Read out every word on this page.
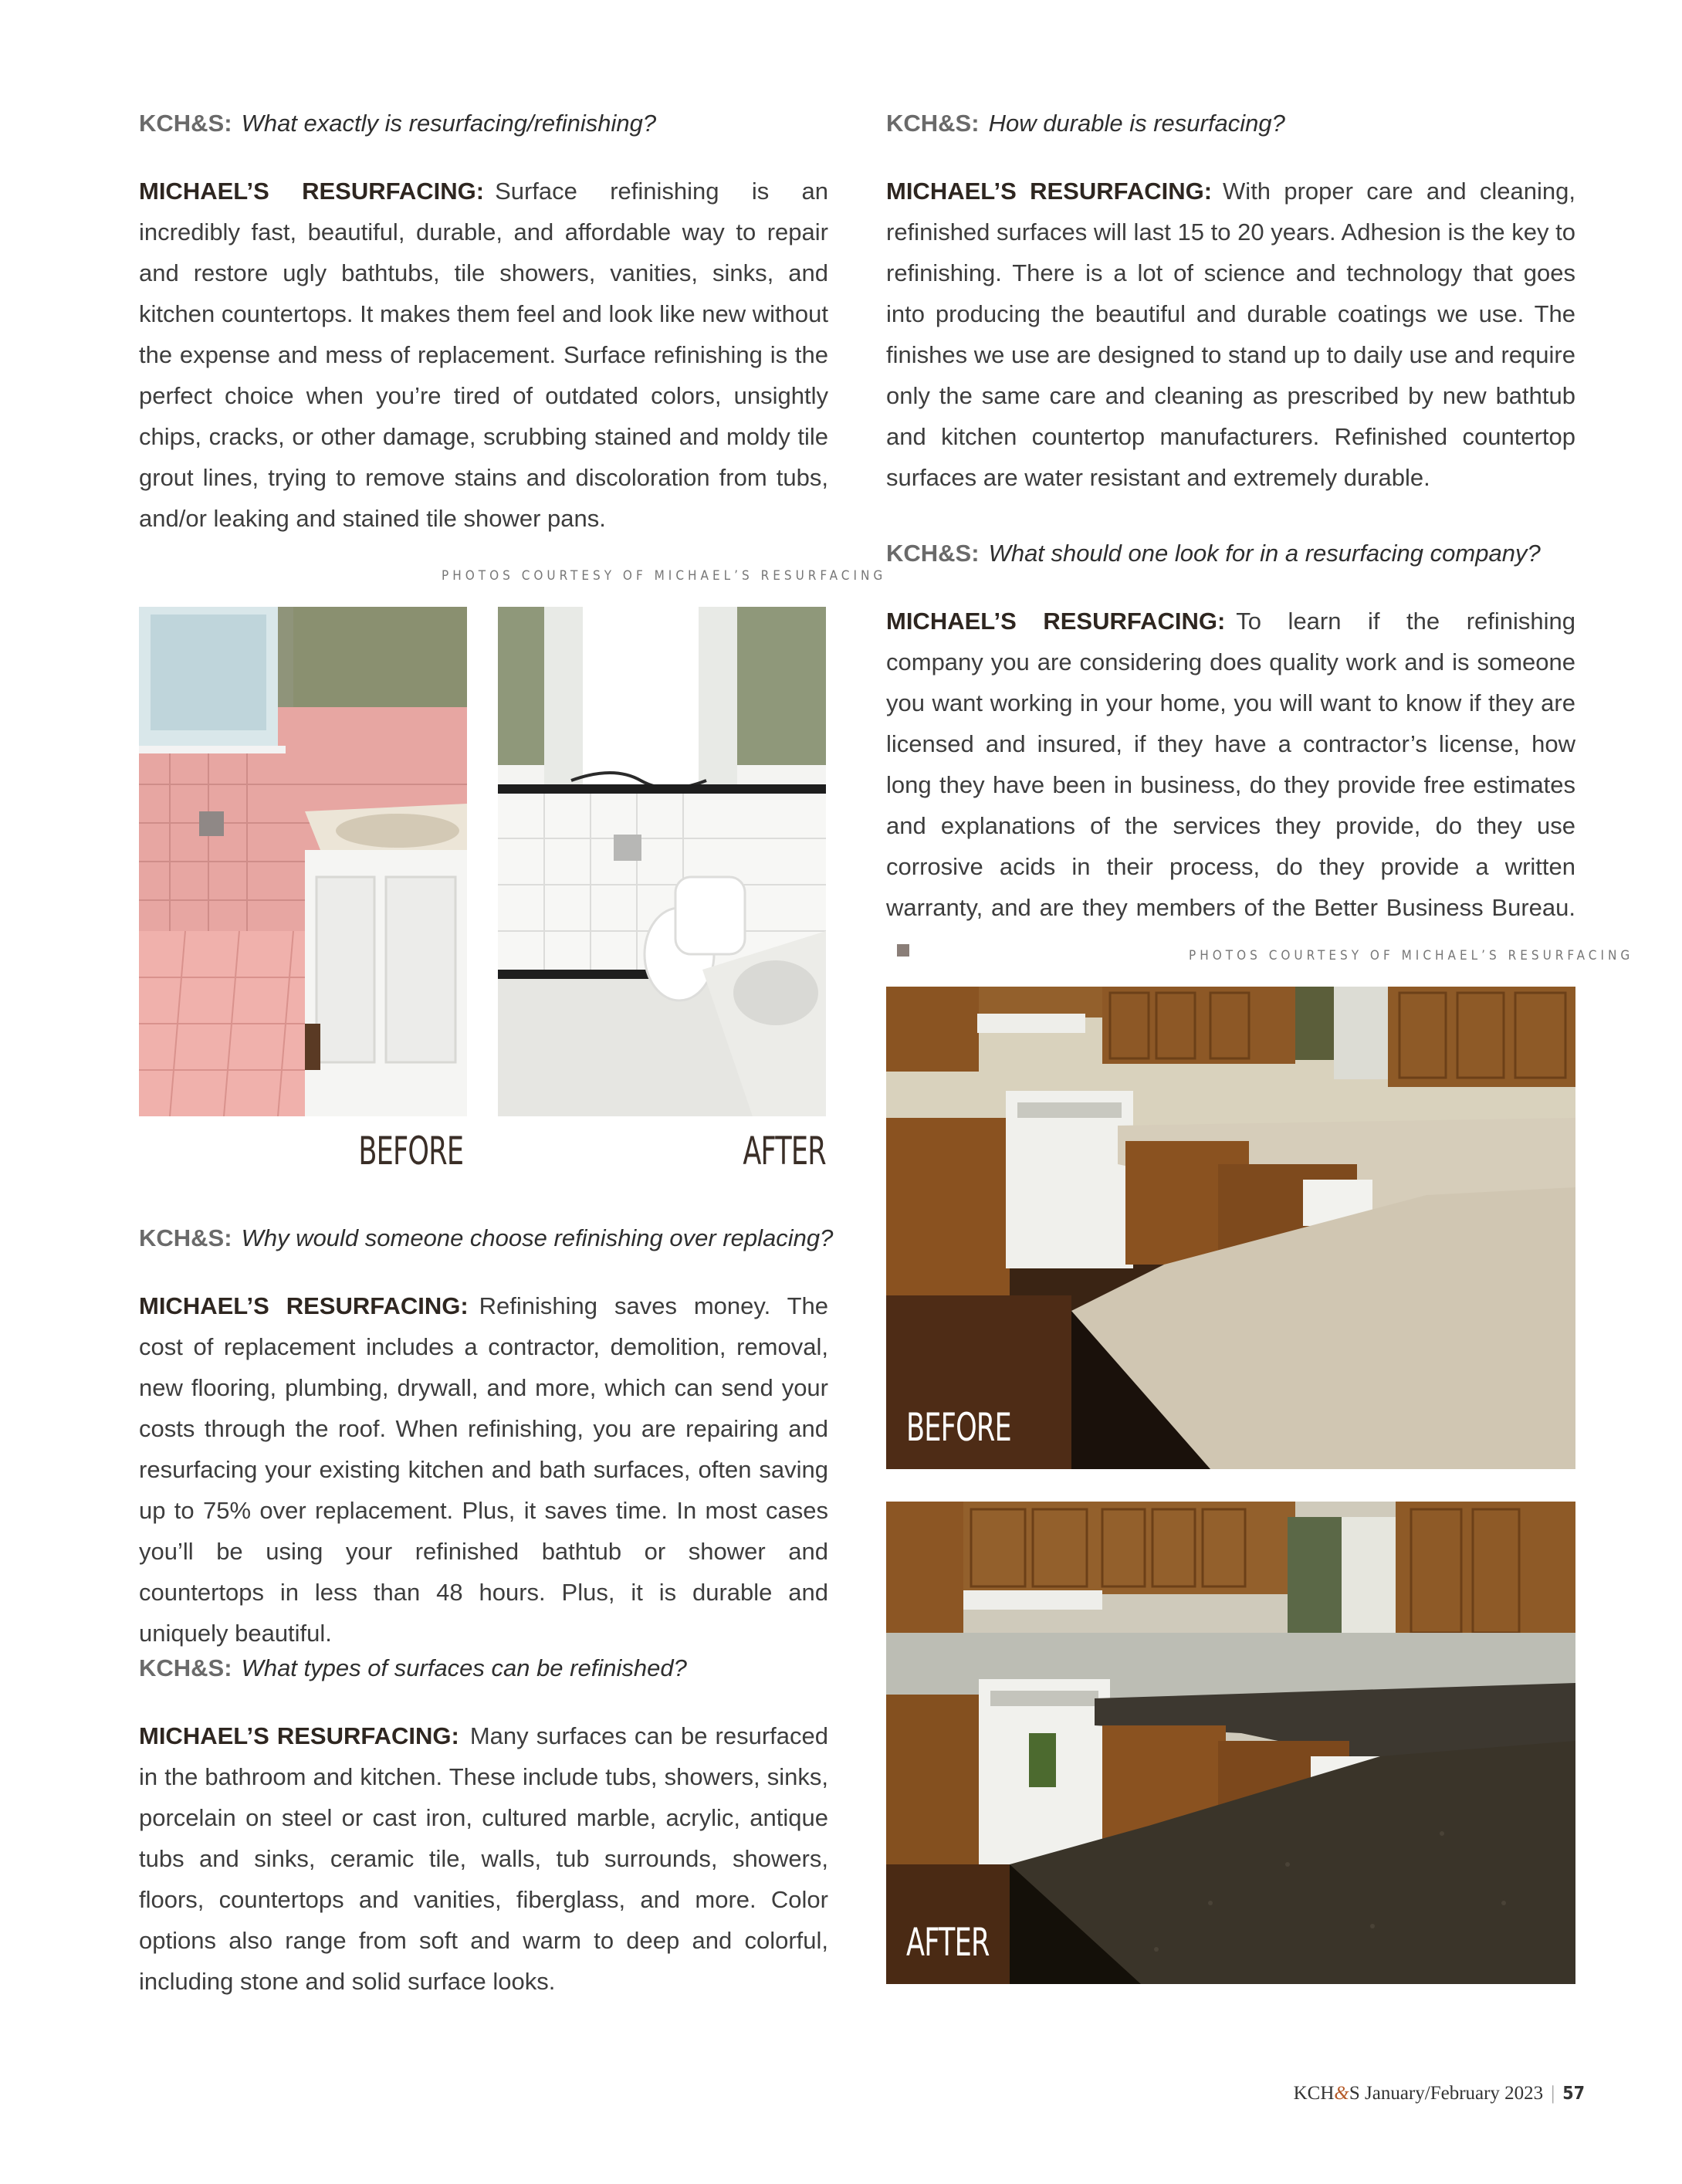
KCH&S: What exactly is resurfacing/refinishing?
MICHAEL’S RESURFACING: Surface refinishing is an incredibly fast, beautiful, durable, and affordable way to repair and restore ugly bathtubs, tile showers, vanities, sinks, and kitchen countertops. It makes them feel and look like new without the expense and mess of replacement. Surface refinishing is the perfect choice when you’re tired of outdated colors, unsightly chips, cracks, or other damage, scrubbing stained and moldy tile grout lines, trying to remove stains and discoloration from tubs, and/or leaking and stained tile shower pans.
PHOTOS COURTESY OF MICHAEL’S RESURFACING
BEFORE	AFTER
KCH&S: Why would someone choose refinishing over replacing?
MICHAEL’S RESURFACING: Refinishing saves money. The cost of replacement includes a contractor, demolition, removal, new flooring, plumbing, drywall, and more, which can send your costs through the roof. When refinishing, you are repairing and resurfacing your existing kitchen and bath surfaces, often saving up to 75% over replacement. Plus, it saves time. In most cases you’ll be using your refinished bathtub or shower and countertops in less than 48 hours. Plus, it is durable and uniquely beautiful.
KCH&S: What types of surfaces can be refinished?
MICHAEL’S RESURFACING: Many surfaces can be resurfaced in the bathroom and kitchen. These include tubs, showers, sinks, porcelain on steel or cast iron, cultured marble, acrylic, antique tubs and sinks, ceramic tile, walls, tub surrounds, showers, floors, countertops and vanities, fiberglass, and more. Color options also range from soft and warm to deep and colorful, including stone and solid surface looks.
KCH&S: How durable is resurfacing?
MICHAEL’S RESURFACING: With proper care and cleaning, refinished surfaces will last 15 to 20 years. Adhesion is the key to refinishing. There is a lot of science and technology that goes into producing the beautiful and durable coatings we use. The finishes we use are designed to stand up to daily use and require only the same care and cleaning as prescribed by new bathtub and kitchen countertop manufacturers. Refinished countertop surfaces are water resistant and extremely durable.
KCH&S: What should one look for in a resurfacing company?
MICHAEL’S RESURFACING: To learn if the refinishing company you are considering does quality work and is someone you want working in your home, you will want to know if they are licensed and insured, if they have a contractor’s license, how long they have been in business, do they provide free estimates and explanations of the services they provide, do they use corrosive acids in their process, do they provide a written warranty, and are they members of the Better Business Bureau.
PHOTOS COURTESY OF MICHAEL’S RESURFACING
BEFORE
AFTER
KCH&S January/February 2023 | 57
